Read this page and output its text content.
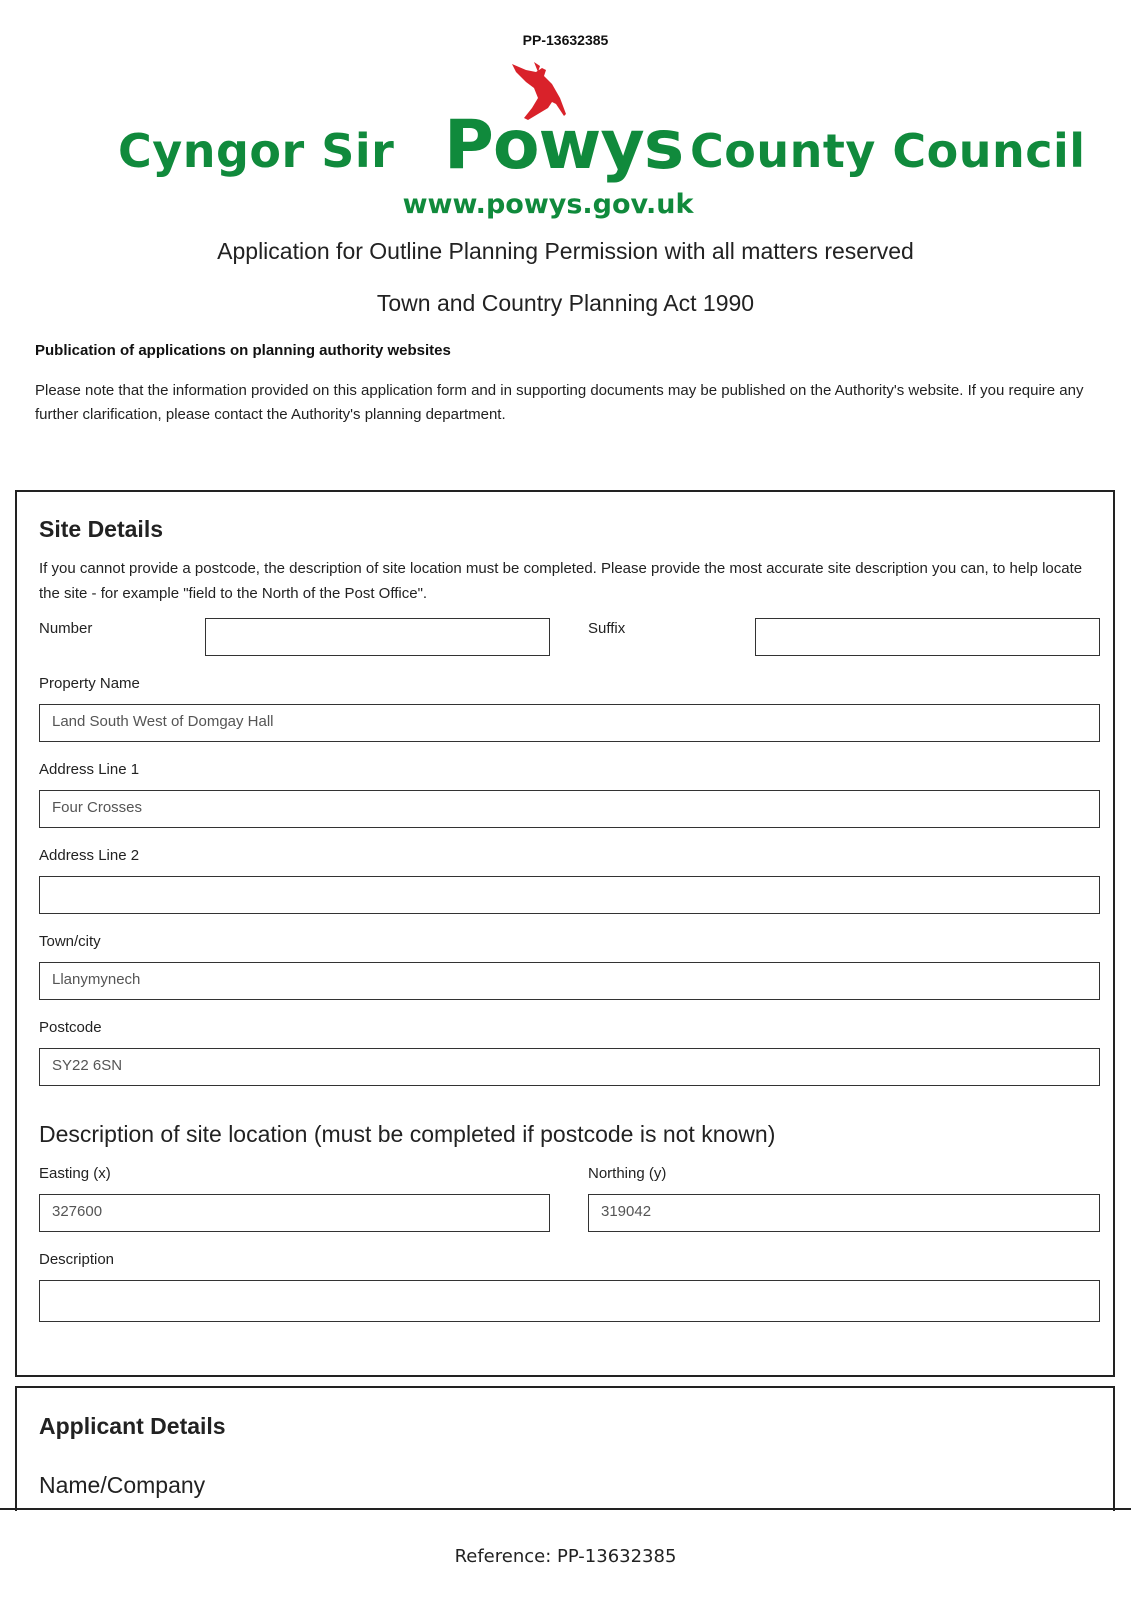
PP-13632385
Cyngor Sir Powys County Council
www.powys.gov.uk
Application for Outline Planning Permission with all matters reserved
Town and Country Planning Act 1990
Publication of applications on planning authority websites
Please note that the information provided on this application form and in supporting documents may be published on the Authority's website. If you require any further clarification, please contact the Authority's planning department.
Site Details
If you cannot provide a postcode, the description of site location must be completed. Please provide the most accurate site description you can, to help locate the site - for example "field to the North of the Post Office".
Number	Suffix
Property Name
Land South West of Domgay Hall
Address Line 1
Four Crosses
Address Line 2
Town/city
Llanymynech
Postcode
SY22 6SN
Description of site location (must be completed if postcode is not known)
Easting (x)
327600
Northing (y)
319042
Description
Applicant Details
Name/Company
Reference: PP-13632385
